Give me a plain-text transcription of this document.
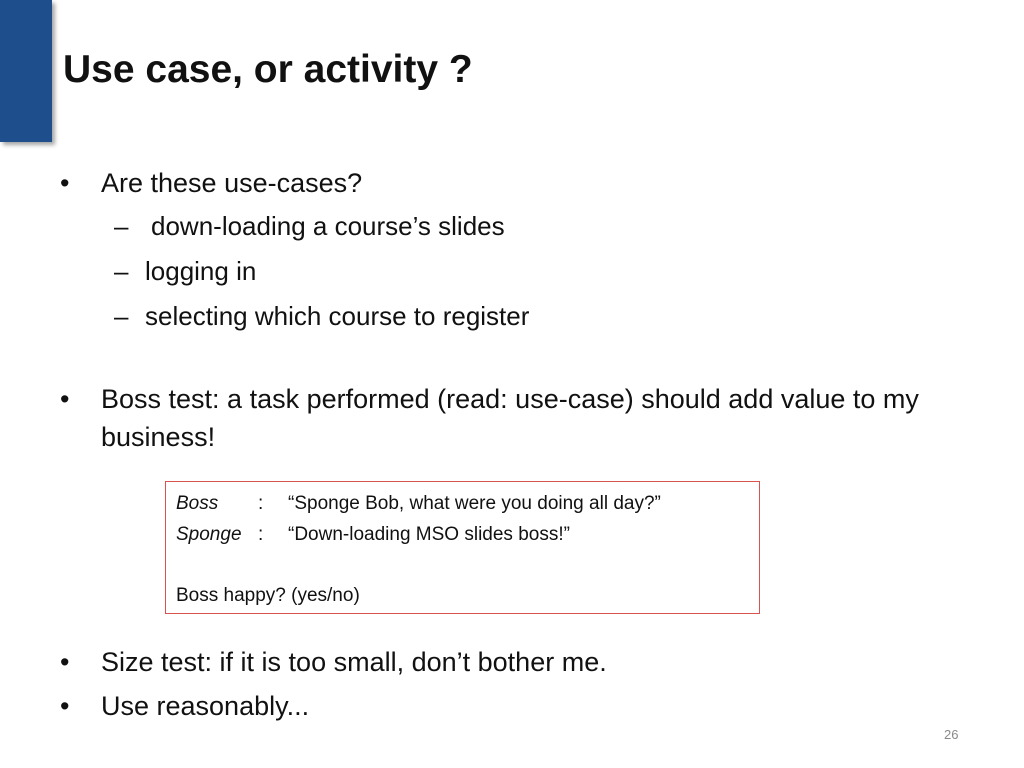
Use case, or activity ?
• Are these use-cases?
– down-loading a course’s slides
– logging in
– selecting which course to register
• Boss test: a task performed (read: use-case) should add value to my business!
• Size test: if it is too small, don’t bother me.
• Use reasonably...
Boss : “Sponge Bob, what were you doing all day?”
Sponge : “Down-loading MSO slides boss!”
Boss happy? (yes/no)
26
